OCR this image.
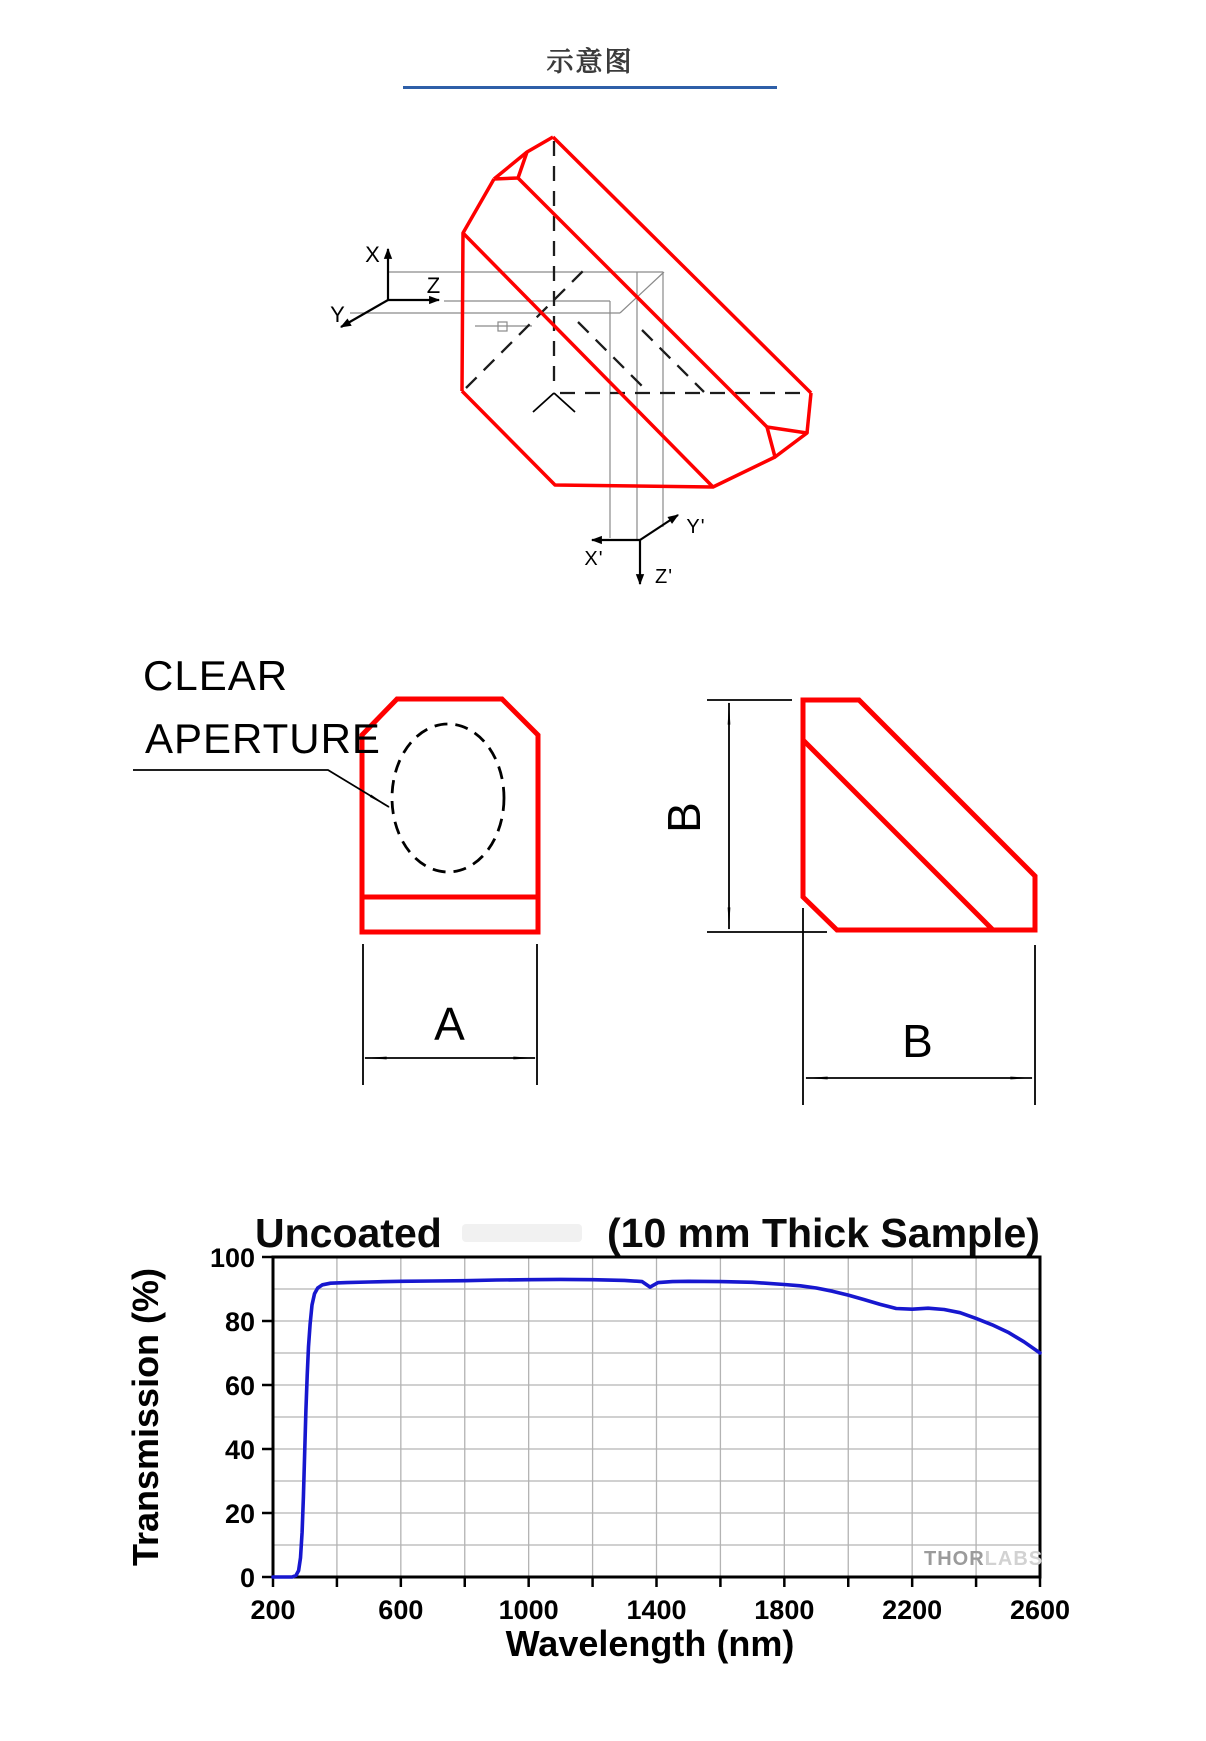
示意图
X
Z
Y
X'
Y'
Z'
CLEAR
APERTURE
A
B
B
200	600	1000	1400	1800	2200	2600
0
20
40
60
80
100
Wavelength (nm)
Transmission (%)
Uncoated	(10 mm Thick Sample)
THORLABS
